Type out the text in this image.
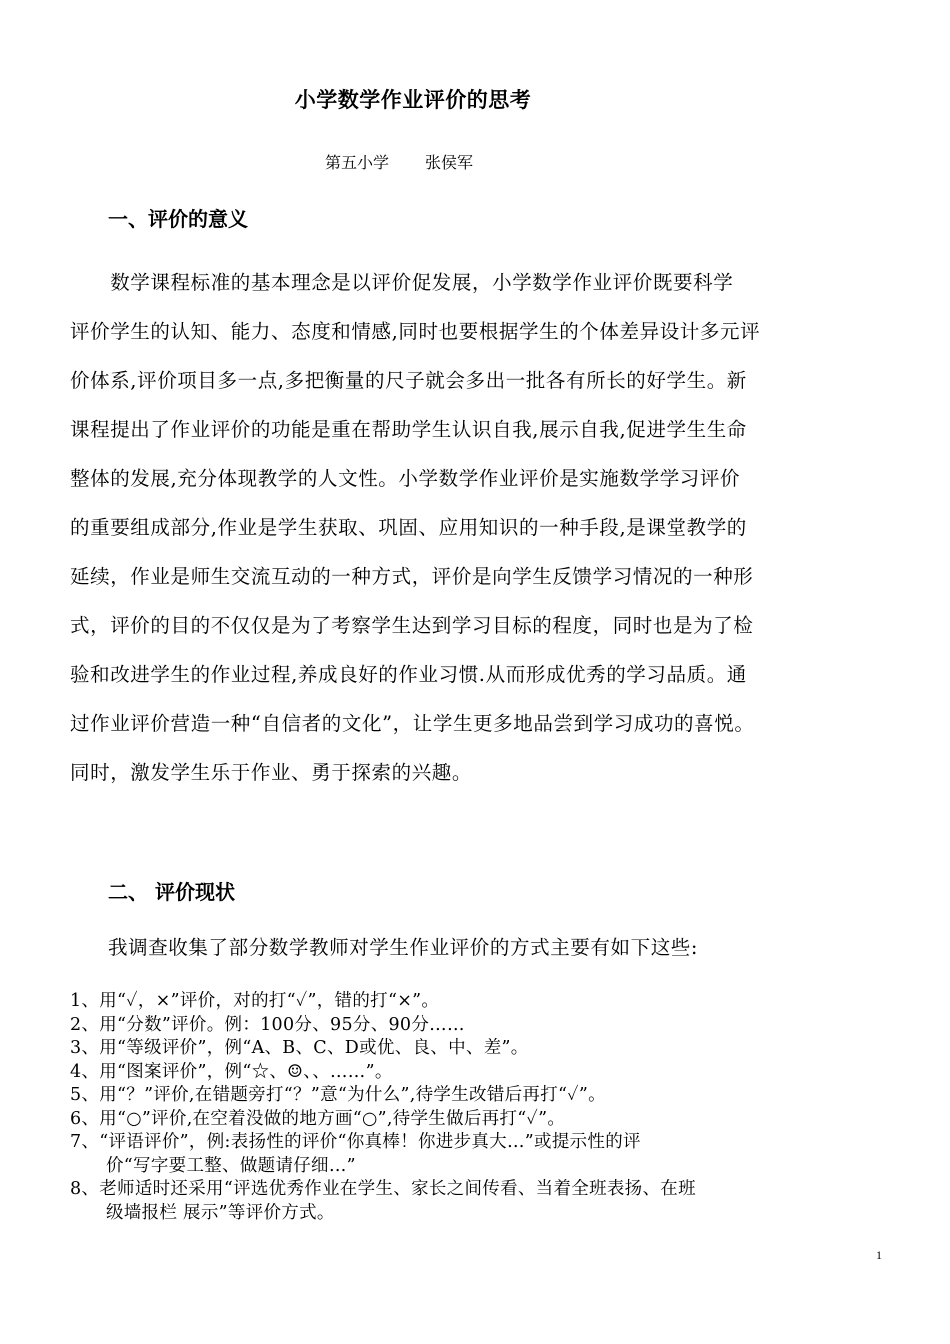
小学数学作业评价的思考
第五小学 张侯军
一、评价的意义
　　数学课程标准的基本理念是以评价促发展，小学数学作业评价既要科学
评价学生的认知、能力、态度和情感,同时也要根据学生的个体差异设计多元评
价体系,评价项目多一点,多把衡量的尺子就会多出一批各有所长的好学生。新
课程提出了作业评价的功能是重在帮助学生认识自我,展示自我,促进学生生命
整体的发展,充分体现教学的人文性。小学数学作业评价是实施数学学习评价
的重要组成部分,作业是学生获取、巩固、应用知识的一种手段,是课堂教学的
延续，作业是师生交流互动的一种方式，评价是向学生反馈学习情况的一种形
式，评价的目的不仅仅是为了考察学生达到学习目标的程度，同时也是为了检
验和改进学生的作业过程,养成良好的作业习惯.从而形成优秀的学习品质。通
过作业评价营造一种“自信者的文化”，让学生更多地品尝到学习成功的喜悦。
同时，激发学生乐于作业、勇于探索的兴趣。
二、 评价现状
我调查收集了部分数学教师对学生作业评价的方式主要有如下这些:
1、用“✓，×”评价，对的打“✓”，错的打“×”。
2、用“分数”评价。例：100分、95分、90分……
3、用“等级评价”，例“A、B、C、D或优、良、中、差”。
4、用“图案评价”，例“☆、☺、、……”。
5、用“？”评价,在错题旁打“？”意“为什么”,待学生改错后再打“✓”。
6、用“○”评价,在空着没做的地方画“○”,待学生做后再打“✓”。
7、“评语评价”，例:表扬性的评价“你真棒！你进步真大…”或提示性的评
价“写字要工整、做题请仔细…”
8、老师适时还采用“评选优秀作业在学生、家长之间传看、当着全班表扬、在班
级墙报栏 展示”等评价方式。
1
